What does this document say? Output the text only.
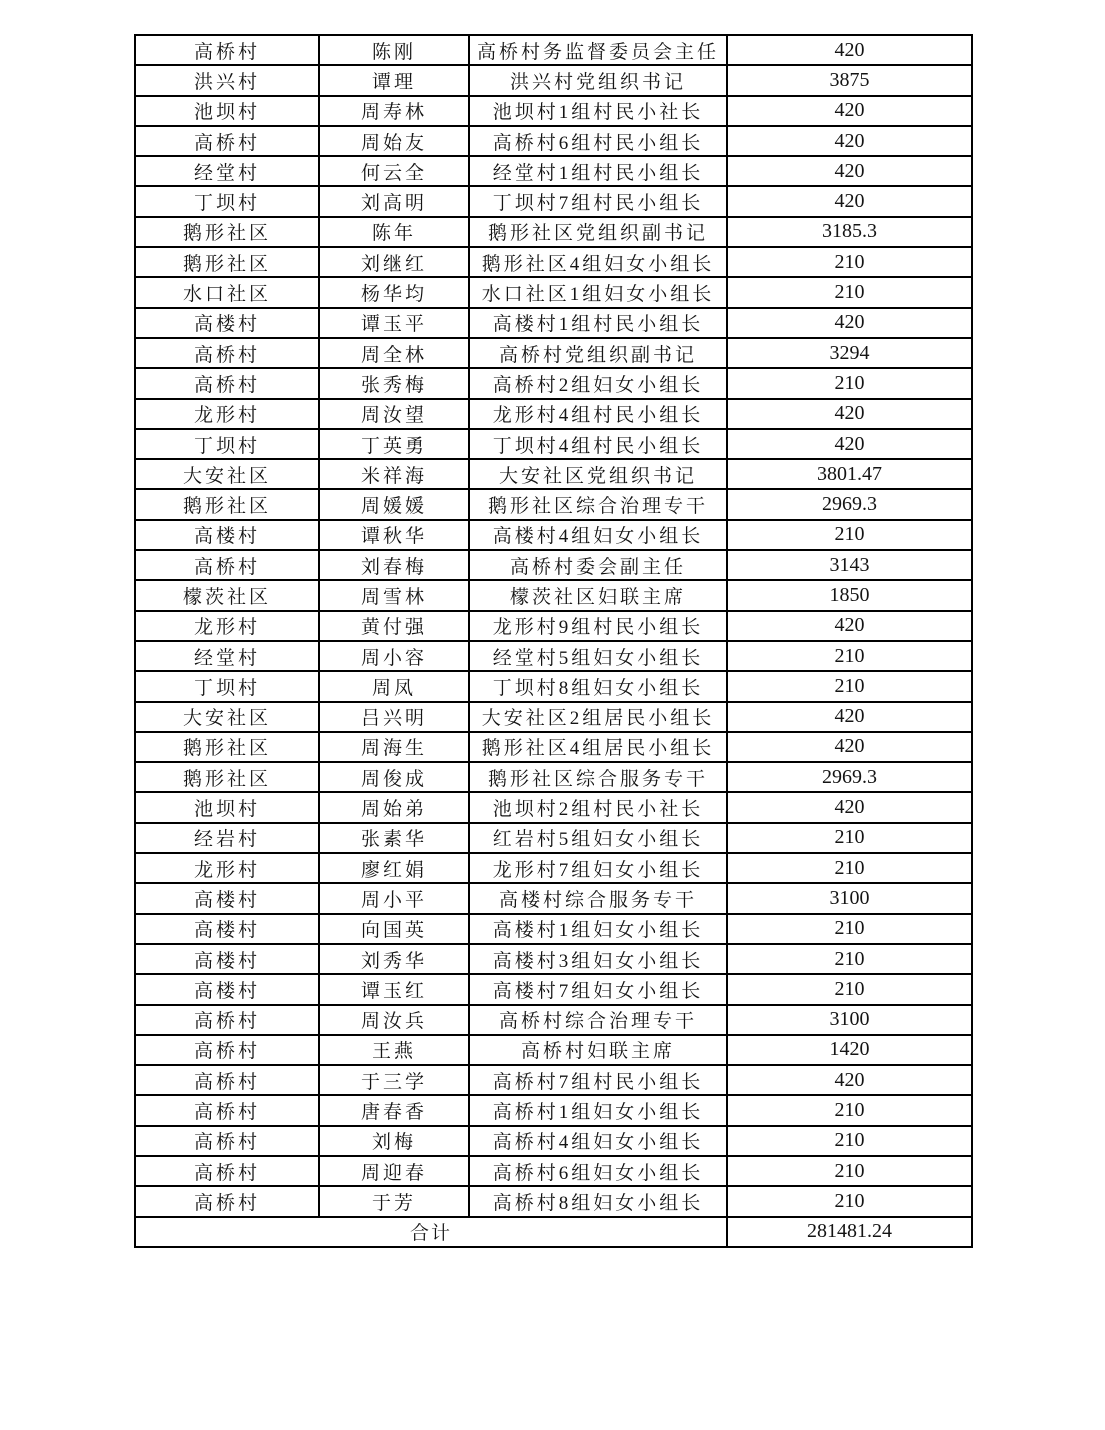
高桥村	陈刚	高桥村务监督委员会主任	420
洪兴村	谭理	洪兴村党组织书记	3875
池坝村	周寿林	池坝村1组村民小社长	420
高桥村	周始友	高桥村6组村民小组长	420
经堂村	何云全	经堂村1组村民小组长	420
丁坝村	刘高明	丁坝村7组村民小组长	420
鹅形社区	陈年	鹅形社区党组织副书记	3185.3
鹅形社区	刘继红	鹅形社区4组妇女小组长	210
水口社区	杨华均	水口社区1组妇女小组长	210
高楼村	谭玉平	高楼村1组村民小组长	420
高桥村	周全林	高桥村党组织副书记	3294
高桥村	张秀梅	高桥村2组妇女小组长	210
龙形村	周汝望	龙形村4组村民小组长	420
丁坝村	丁英勇	丁坝村4组村民小组长	420
大安社区	米祥海	大安社区党组织书记	3801.47
鹅形社区	周媛媛	鹅形社区综合治理专干	2969.3
高楼村	谭秋华	高楼村4组妇女小组长	210
高桥村	刘春梅	高桥村委会副主任	3143
檬茨社区	周雪林	檬茨社区妇联主席	1850
龙形村	黄付强	龙形村9组村民小组长	420
经堂村	周小容	经堂村5组妇女小组长	210
丁坝村	周凤	丁坝村8组妇女小组长	210
大安社区	吕兴明	大安社区2组居民小组长	420
鹅形社区	周海生	鹅形社区4组居民小组长	420
鹅形社区	周俊成	鹅形社区综合服务专干	2969.3
池坝村	周始弟	池坝村2组村民小社长	420
经岩村	张素华	红岩村5组妇女小组长	210
龙形村	廖红娟	龙形村7组妇女小组长	210
高楼村	周小平	高楼村综合服务专干	3100
高楼村	向国英	高楼村1组妇女小组长	210
高楼村	刘秀华	高楼村3组妇女小组长	210
高楼村	谭玉红	高楼村7组妇女小组长	210
高桥村	周汝兵	高桥村综合治理专干	3100
高桥村	王燕	高桥村妇联主席	1420
高桥村	于三学	高桥村7组村民小组长	420
高桥村	唐春香	高桥村1组妇女小组长	210
高桥村	刘梅	高桥村4组妇女小组长	210
高桥村	周迎春	高桥村6组妇女小组长	210
高桥村	于芳	高桥村8组妇女小组长	210
合计			281481.24
